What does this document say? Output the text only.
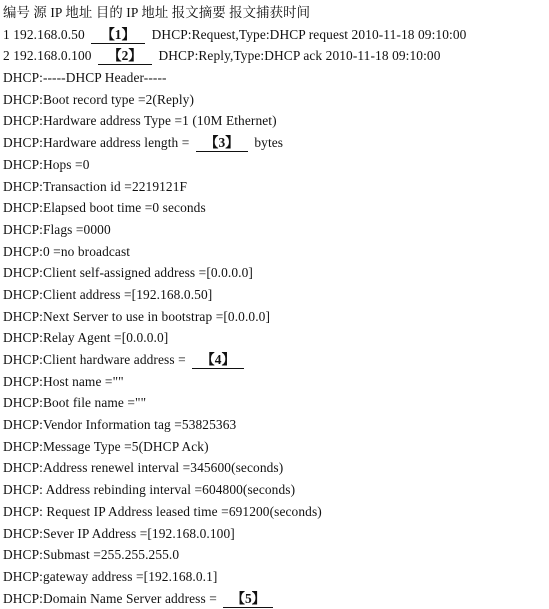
编号 源 IP 地址 目的 IP 地址 报文摘要 报文捕获时间
1 192.168.0.50 【1】 DHCP:Request,Type:DHCP request 2010-11-18 09:10:00
2 192.168.0.100 【2】 DHCP:Reply,Type:DHCP ack 2010-11-18 09:10:00
DHCP:-----DHCP Header-----
DHCP:Boot record type =2(Reply)
DHCP:Hardware address Type =1 (10M Ethernet)
DHCP:Hardware address length = 【3】 bytes
DHCP:Hops =0
DHCP:Transaction id =2219121F
DHCP:Elapsed boot time =0 seconds
DHCP:Flags =0000
DHCP:0 =no broadcast
DHCP:Client self-assigned address =[0.0.0.0]
DHCP:Client address =[192.168.0.50]
DHCP:Next Server to use in bootstrap =[0.0.0.0]
DHCP:Relay Agent =[0.0.0.0]
DHCP:Client hardware address = 【4】
DHCP:Host name =""
DHCP:Boot file name =""
DHCP:Vendor Information tag =53825363
DHCP:Message Type =5(DHCP Ack)
DHCP:Address renewel interval =345600(seconds)
DHCP: Address rebinding interval =604800(seconds)
DHCP: Request IP Address leased time =691200(seconds)
DHCP:Sever IP Address =[192.168.0.100]
DHCP:Submast =255.255.255.0
DHCP:gateway address =[192.168.0.1]
DHCP:Domain Name Server address = 【5】
